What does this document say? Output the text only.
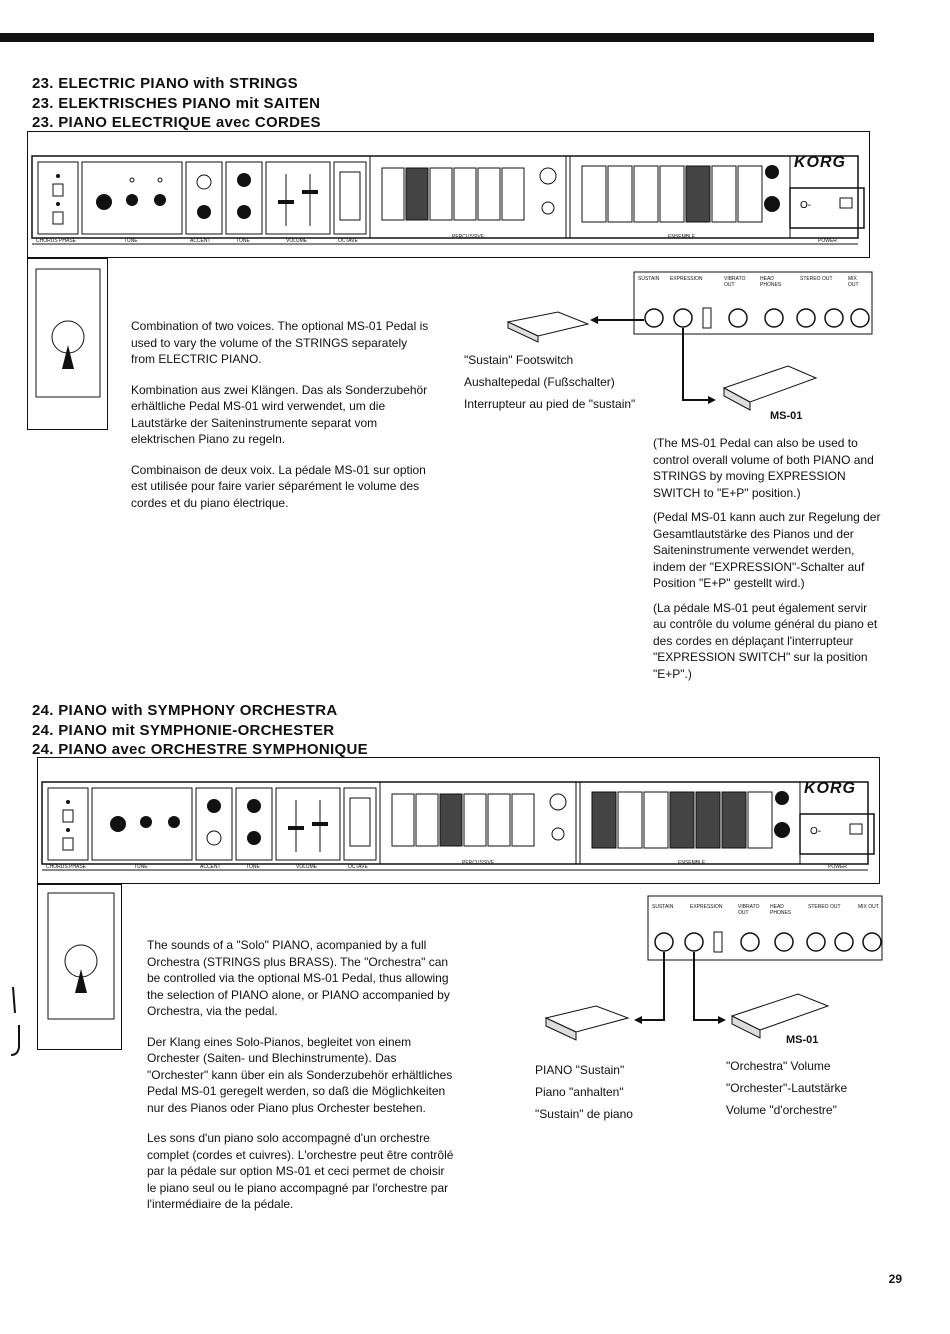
23. ELECTRIC PIANO with STRINGS

23. ELEKTRISCHES PIANO mit SAITEN

23. PIANO ELECTRIQUE avec CORDES

O-
KORG
CHORUS PHASE	TUNE	ACCENT	TONE	VOLUME	OCTAVE
PERCUSSIVE	ENSEMBLE
POWER

Combination of two voices. The optional MS-01 Pedal is used to vary the volume of the STRINGS separately from ELECTRIC PIANO.

Kombination aus zwei Klängen. Das als Sonderzubehör erhältliche Pedal MS-01 wird verwendet, um die Lautstärke der Saiteninstrumente separat vom elektrischen Piano zu regeln.

Combinaison de deux voix. La pédale MS-01 sur option est utilisée pour faire varier séparément le volume des cordes et du piano électrique.

MS-01
SUSTAIN EXPRESSION	VIBRATO OUT
HEAD PHONES
STEREO OUT	MIX OUT
"Sustain" Footswitch
Aushaltepedal (Fußschalter)
Interrupteur au pied de "sustain"

(The MS-01 Pedal can also be used to control overall volume of both PIANO and STRINGS by moving EXPRESSION SWITCH to "E+P" position.)

(Pedal MS-01 kann auch zur Regelung der Gesamtlautstärke des Pianos und der Saiteninstrumente verwendet werden, indem der "EXPRESSION"-Schalter auf Position "E+P" gestellt wird.)

(La pédale MS-01 peut également servir au contrôle du volume général du piano et des cordes en déplaçant l'interrupteur "EXPRESSION SWITCH" sur la position "E+P".)

24. PIANO with SYMPHONY ORCHESTRA

24. PIANO mit SYMPHONIE-ORCHESTER

24. PIANO avec ORCHESTRE SYMPHONIQUE

O-
KORG
CHORUS PHASE	TUNE	ACCENT	TONE	VOLUME	OCTAVE
PERCUSSIVE	ENSEMBLE
POWER

The sounds of a "Solo" PIANO, acompanied by a full Orchestra (STRINGS plus BRASS). The "Orchestra" can be controlled via the optional MS-01 Pedal, thus allowing the selection of PIANO alone, or PIANO accompanied by Orchestra, via the pedal.

Der Klang eines Solo-Pianos, begleitet von einem Orchester (Saiten- und Blechinstrumente). Das "Orchester" kann über ein als Sonderzubehör erhältliches Pedal MS-01 geregelt werden, so daß die Möglichkeiten nur des Pianos oder Piano plus Orchester bestehen.

Les sons d'un piano solo accompagné d'un orchestre complet (cordes et cuivres). L'orchestre peut être contrôlé par la pédale sur option MS-01 et ceci permet de choisir le piano seul ou le piano accompagné par l'orchestre par l'intermédiaire de la pédale.

MS-01
SUSTAIN	EXPRESSION	VIBRATO OUT
HEAD PHONES
STEREO OUT	MIX OUT
PIANO "Sustain"
Piano "anhalten"
"Sustain" de piano
"Orchestra" Volume
"Orchester"-Lautstärke
Volume "d'orchestre"
29
